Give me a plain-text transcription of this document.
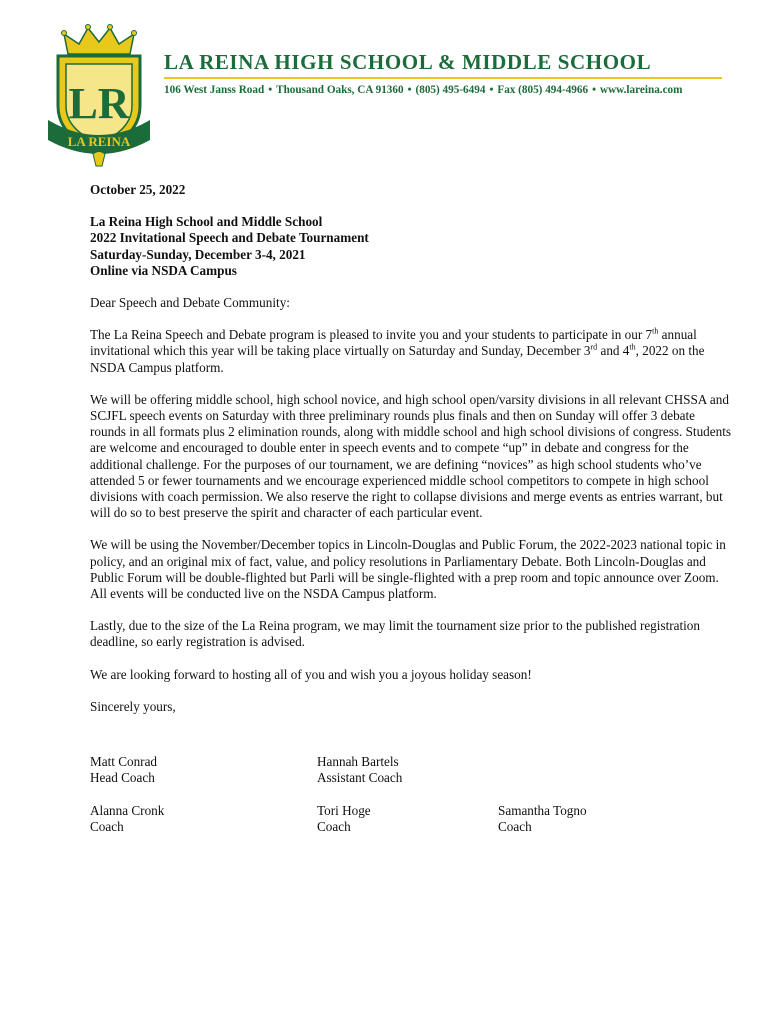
LR
LA REINA
LA REINA HIGH SCHOOL & MIDDLE SCHOOL
106 West Janss Road • Thousand Oaks, CA 91360 • (805) 495-6494 • Fax (805) 494-4966 • www.lareina.com

October 25, 2022

La Reina High School and Middle School

2022 Invitational Speech and Debate Tournament

Saturday-Sunday, December 3-4, 2021

Online via NSDA Campus

Dear Speech and Debate Community:

The La Reina Speech and Debate program is pleased to invite you and your students to participate in our 7th annual invitational which this year will be taking place virtually on Saturday and Sunday, December 3rd and 4th, 2022 on the NSDA Campus platform.

We will be offering middle school, high school novice, and high school open/varsity divisions in all relevant CHSSA and SCJFL speech events on Saturday with three preliminary rounds plus finals and then on Sunday will offer 3 debate rounds in all formats plus 2 elimination rounds, along with middle school and high school divisions of congress. Students are welcome and encouraged to double enter in speech events and to compete “up” in debate and congress for the additional challenge. For the purposes of our tournament, we are defining “novices” as high school students who’ve attended 5 or fewer tournaments and we encourage experienced middle school competitors to compete in high school divisions with coach permission. We also reserve the right to collapse divisions and merge events as entries warrant, but will do so to best preserve the spirit and character of each particular event.

We will be using the November/December topics in Lincoln-Douglas and Public Forum, the 2022-2023 national topic in policy, and an original mix of fact, value, and policy resolutions in Parliamentary Debate. Both Lincoln-Douglas and Public Forum will be double-flighted but Parli will be single-flighted with a prep room and topic announce over Zoom. All events will be conducted live on the NSDA Campus platform.

Lastly, due to the size of the La Reina program, we may limit the tournament size prior to the published registration deadline, so early registration is advised.

We are looking forward to hosting all of you and wish you a joyous holiday season!

Sincerely yours,

Matt Conrad
Head Coach
Hannah Bartels
Assistant Coach
Alanna Cronk
Coach
Tori Hoge
Coach
Samantha Togno
Coach
